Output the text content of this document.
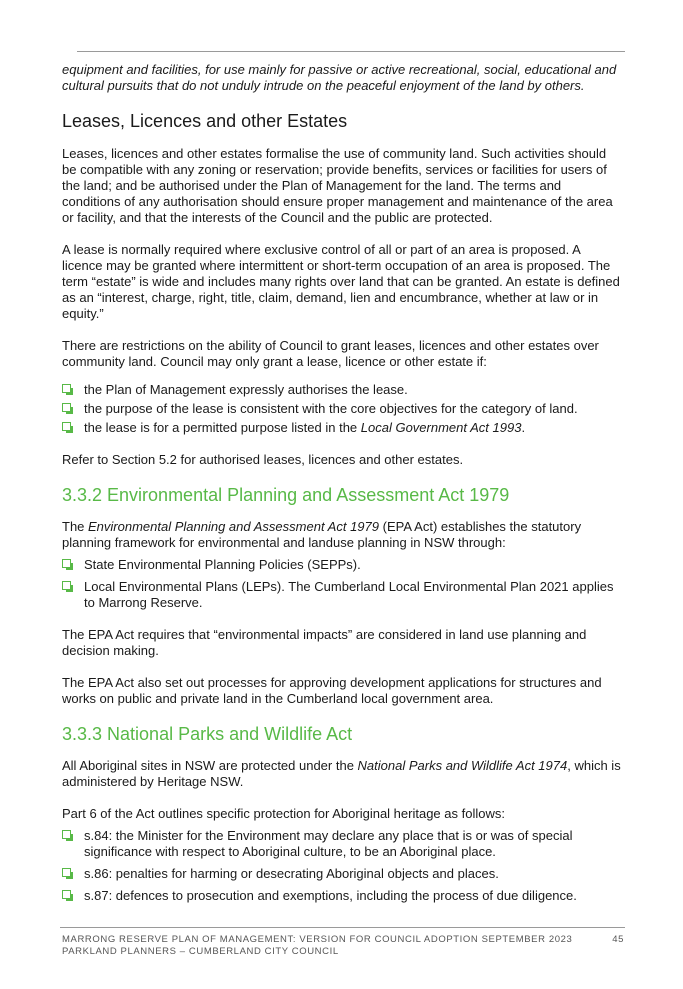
equipment and facilities, for use mainly for passive or active recreational, social, educational and cultural pursuits that do not unduly intrude on the peaceful enjoyment of the land by others.

Leases, Licences and other Estates

Leases, licences and other estates formalise the use of community land. Such activities should be compatible with any zoning or reservation; provide benefits, services or facilities for users of the land; and be authorised under the Plan of Management for the land. The terms and conditions of any authorisation should ensure proper management and maintenance of the area or facility, and that the interests of the Council and the public are protected.

A lease is normally required where exclusive control of all or part of an area is proposed. A licence may be granted where intermittent or short-term occupation of an area is proposed. The term “estate” is wide and includes many rights over land that can be granted. An estate is defined as an “interest, charge, right, title, claim, demand, lien and encumbrance, whether at law or in equity.”

There are restrictions on the ability of Council to grant leases, licences and other estates over community land. Council may only grant a lease, licence or other estate if:

the Plan of Management expressly authorises the lease.
the purpose of the lease is consistent with the core objectives for the category of land.
the lease is for a permitted purpose listed in the Local Government Act 1993.

Refer to Section 5.2 for authorised leases, licences and other estates.

3.3.2 Environmental Planning and Assessment Act 1979

The Environmental Planning and Assessment Act 1979 (EPA Act) establishes the statutory planning framework for environmental and landuse planning in NSW through:

State Environmental Planning Policies (SEPPs).
Local Environmental Plans (LEPs). The Cumberland Local Environmental Plan 2021 applies to Marrong Reserve.

The EPA Act requires that “environmental impacts” are considered in land use planning and decision making.

The EPA Act also set out processes for approving development applications for structures and works on public and private land in the Cumberland local government area.

3.3.3 National Parks and Wildlife Act

All Aboriginal sites in NSW are protected under the National Parks and Wildlife Act 1974, which is administered by Heritage NSW.

Part 6 of the Act outlines specific protection for Aboriginal heritage as follows:

s.84: the Minister for the Environment may declare any place that is or was of special significance with respect to Aboriginal culture, to be an Aboriginal place.
s.86: penalties for harming or desecrating Aboriginal objects and places.
s.87: defences to prosecution and exemptions, including the process of due diligence.
MARRONG RESERVE PLAN OF MANAGEMENT: VERSION FOR COUNCIL ADOPTION SEPTEMBER 2023
PARKLAND PLANNERS – CUMBERLAND CITY COUNCIL
45
